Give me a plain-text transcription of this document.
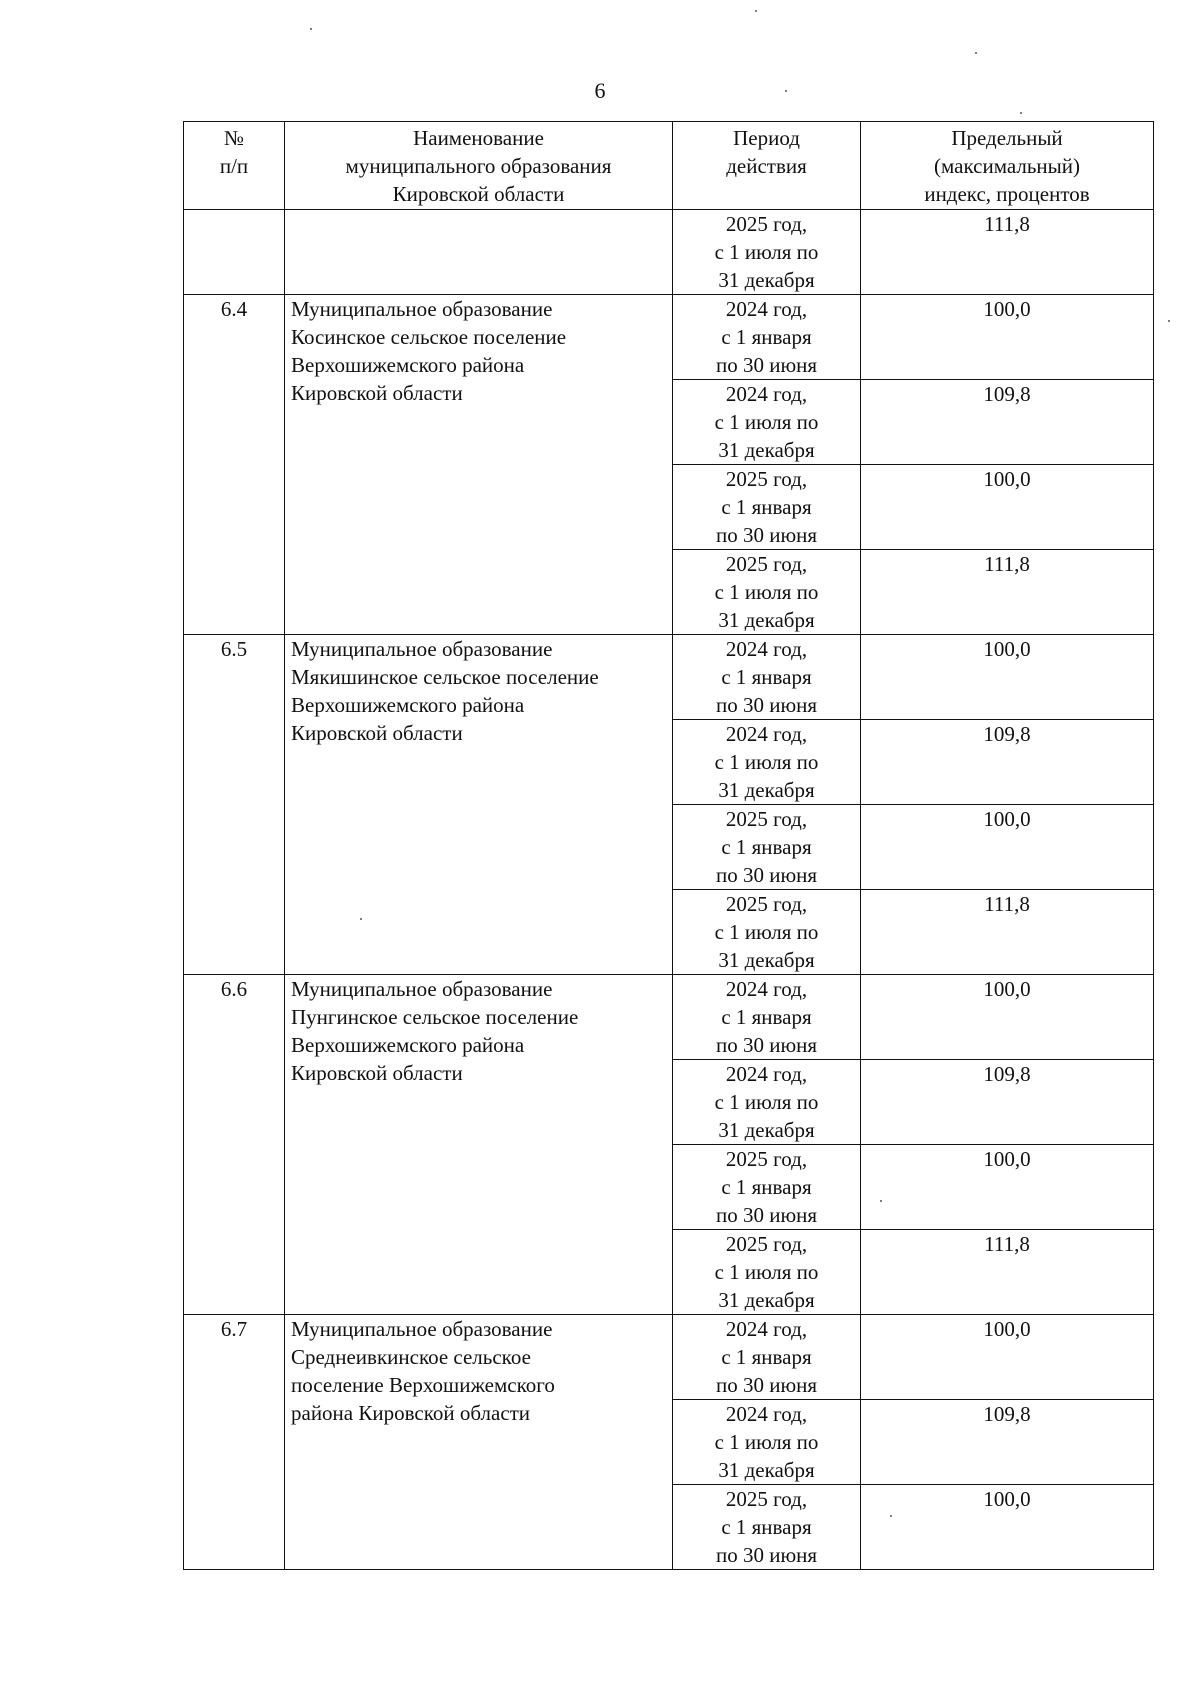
6
№
п/п	Наименование
муниципального образования
Кировской области	Период
действия	Предельный
(максимальный)
индекс, процентов
		2025 год,
с 1 июля по
31 декабря	111,8
6.4	Муниципальное образование
Косинское сельское поселение
Верхошижемского района
Кировской области	2024 год,
с 1 января
по 30 июня	100,0
		2024 год,
с 1 июля по
31 декабря	109,8
		2025 год,
с 1 января
по 30 июня	100,0
		2025 год,
с 1 июля по
31 декабря	111,8
6.5	Муниципальное образование
Мякишинское сельское поселение
Верхошижемского района
Кировской области	2024 год,
с 1 января
по 30 июня	100,0
		2024 год,
с 1 июля по
31 декабря	109,8
		2025 год,
с 1 января
по 30 июня	100,0
		2025 год,
с 1 июля по
31 декабря	111,8
6.6	Муниципальное образование
Пунгинское сельское поселение
Верхошижемского района
Кировской области	2024 год,
с 1 января
по 30 июня	100,0
		2024 год,
с 1 июля по
31 декабря	109,8
		2025 год,
с 1 января
по 30 июня	100,0
		2025 год,
с 1 июля по
31 декабря	111,8
6.7	Муниципальное образование
Среднеивкинское сельское
поселение Верхошижемского
района Кировской области	2024 год,
с 1 января
по 30 июня	100,0
		2024 год,
с 1 июля по
31 декабря	109,8
		2025 год,
с 1 января
по 30 июня	100,0
